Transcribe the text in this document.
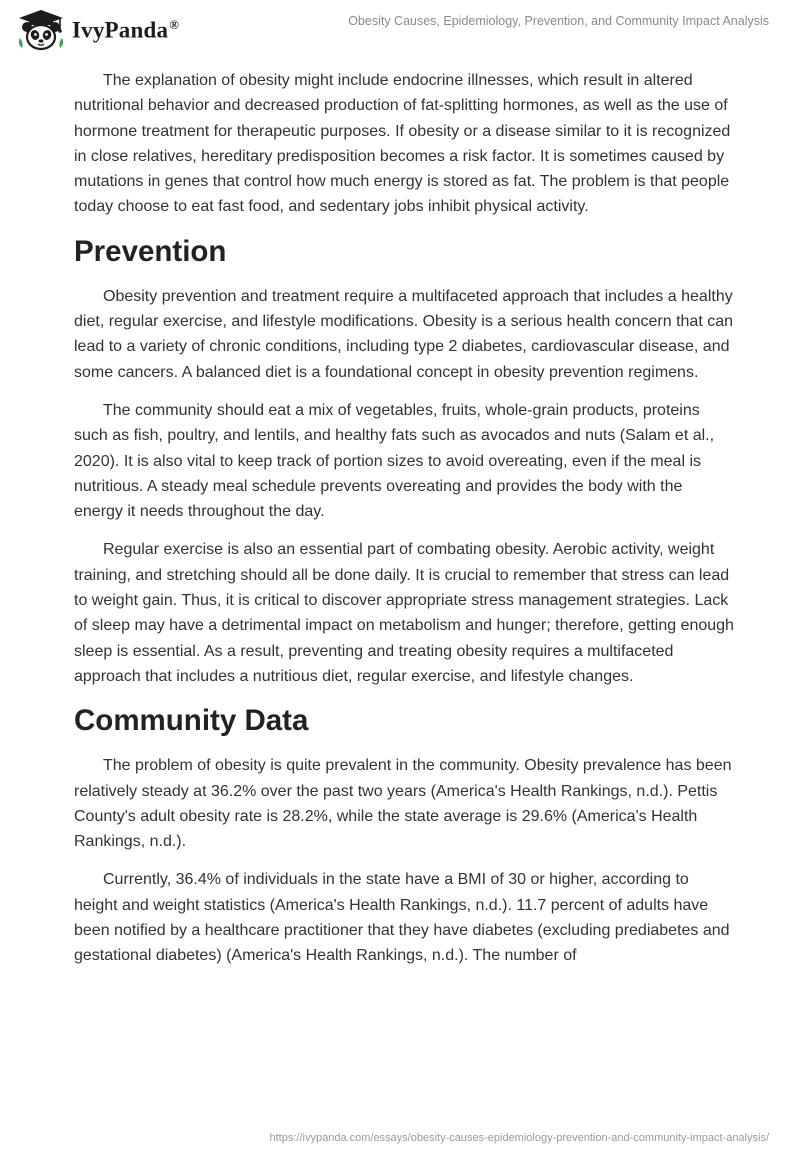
IvyPanda®	Obesity Causes, Epidemiology, Prevention, and Community Impact Analysis

The explanation of obesity might include endocrine illnesses, which result in altered nutritional behavior and decreased production of fat-splitting hormones, as well as the use of hormone treatment for therapeutic purposes. If obesity or a disease similar to it is recognized in close relatives, hereditary predisposition becomes a risk factor. It is sometimes caused by mutations in genes that control how much energy is stored as fat. The problem is that people today choose to eat fast food, and sedentary jobs inhibit physical activity.

Prevention

Obesity prevention and treatment require a multifaceted approach that includes a healthy diet, regular exercise, and lifestyle modifications. Obesity is a serious health concern that can lead to a variety of chronic conditions, including type 2 diabetes, cardiovascular disease, and some cancers. A balanced diet is a foundational concept in obesity prevention regimens.

The community should eat a mix of vegetables, fruits, whole-grain products, proteins such as fish, poultry, and lentils, and healthy fats such as avocados and nuts (Salam et al., 2020). It is also vital to keep track of portion sizes to avoid overeating, even if the meal is nutritious. A steady meal schedule prevents overeating and provides the body with the energy it needs throughout the day.

Regular exercise is also an essential part of combating obesity. Aerobic activity, weight training, and stretching should all be done daily. It is crucial to remember that stress can lead to weight gain. Thus, it is critical to discover appropriate stress management strategies. Lack of sleep may have a detrimental impact on metabolism and hunger; therefore, getting enough sleep is essential. As a result, preventing and treating obesity requires a multifaceted approach that includes a nutritious diet, regular exercise, and lifestyle changes.

Community Data

The problem of obesity is quite prevalent in the community. Obesity prevalence has been relatively steady at 36.2% over the past two years (America's Health Rankings, n.d.). Pettis County's adult obesity rate is 28.2%, while the state average is 29.6% (America's Health Rankings, n.d.).

Currently, 36.4% of individuals in the state have a BMI of 30 or higher, according to height and weight statistics (America's Health Rankings, n.d.). 11.7 percent of adults have been notified by a healthcare practitioner that they have diabetes (excluding prediabetes and gestational diabetes) (America's Health Rankings, n.d.). The number of

https://ivypanda.com/essays/obesity-causes-epidemiology-prevention-and-community-impact-analysis/
